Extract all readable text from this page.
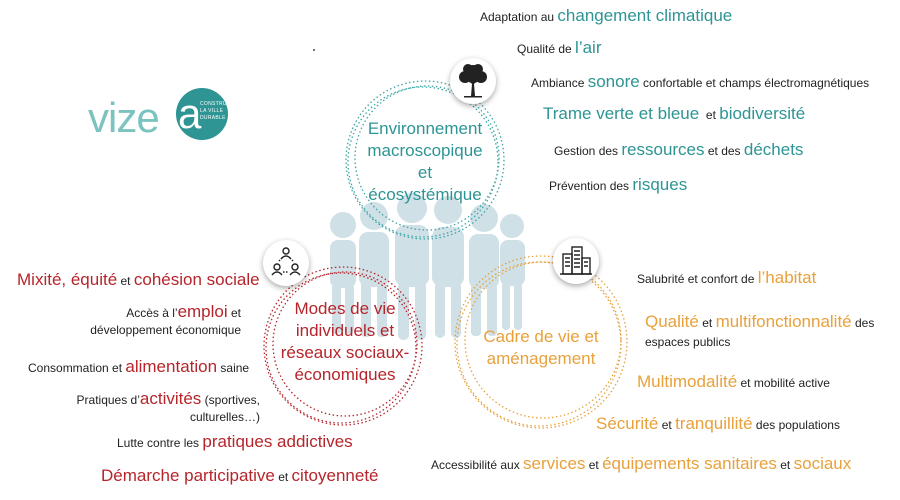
vize a
CONSTRUIRE
LA VILLE
DURABLE
Environnement
macroscopique
et
écosystémique
Modes de vie
individuels et
réseaux sociaux-
économiques
Cadre de vie et
aménagement
Adaptation au changement climatique
Qualité de l’air
Ambiance sonore confortable et champs électromagnétiques
Trame verte et bleue  et biodiversité
Gestion des ressources et des déchets
Prévention des risques
Mixité, équité et cohésion sociale
Accès à l’emploi et
développement économique
Consommation et alimentation saine
Pratiques d’activités (sportives,
culturelles…)
Lutte contre les pratiques addictives
Démarche participative et citoyenneté
Salubrité et confort de l’habitat
Qualité et multifonctionnalité des
espaces publics
Multimodalité et mobilité active
Sécurité et tranquillité des populations
Accessibilité aux services et équipements sanitaires et sociaux
